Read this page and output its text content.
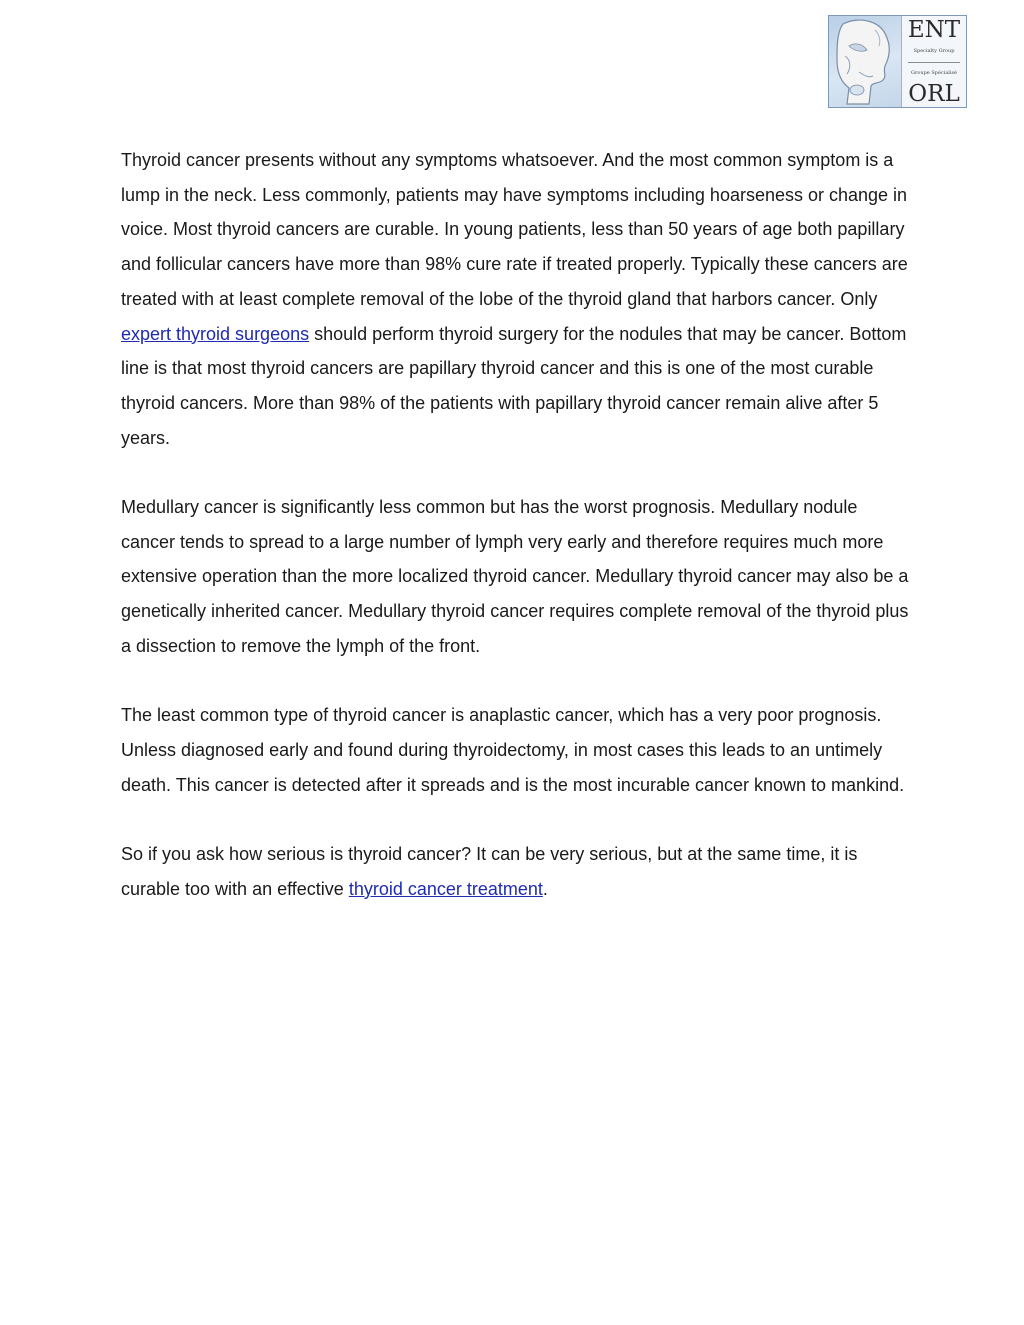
ENT
Specialty Group
Groupe Spécialisé
ORL

Thyroid cancer presents without any symptoms whatsoever. And the most common symptom is a lump in the neck. Less commonly, patients may have symptoms including hoarseness or change in voice. Most thyroid cancers are curable. In young patients, less than 50 years of age both papillary and follicular cancers have more than 98% cure rate if treated properly. Typically these cancers are treated with at least complete removal of the lobe of the thyroid gland that harbors cancer. Only expert thyroid surgeons should perform thyroid surgery for the nodules that may be cancer. Bottom line is that most thyroid cancers are papillary thyroid cancer and this is one of the most curable thyroid cancers. More than 98% of the patients with papillary thyroid cancer remain alive after 5 years.

Medullary cancer is significantly less common but has the worst prognosis. Medullary nodule cancer tends to spread to a large number of lymph very early and therefore requires much more extensive operation than the more localized thyroid cancer. Medullary thyroid cancer may also be a genetically inherited cancer. Medullary thyroid cancer requires complete removal of the thyroid plus a dissection to remove the lymph of the front.

The least common type of thyroid cancer is anaplastic cancer, which has a very poor prognosis. Unless diagnosed early and found during thyroidectomy, in most cases this leads to an untimely death. This cancer is detected after it spreads and is the most incurable cancer known to mankind.

So if you ask how serious is thyroid cancer? It can be very serious, but at the same time, it is curable too with an effective thyroid cancer treatment.
